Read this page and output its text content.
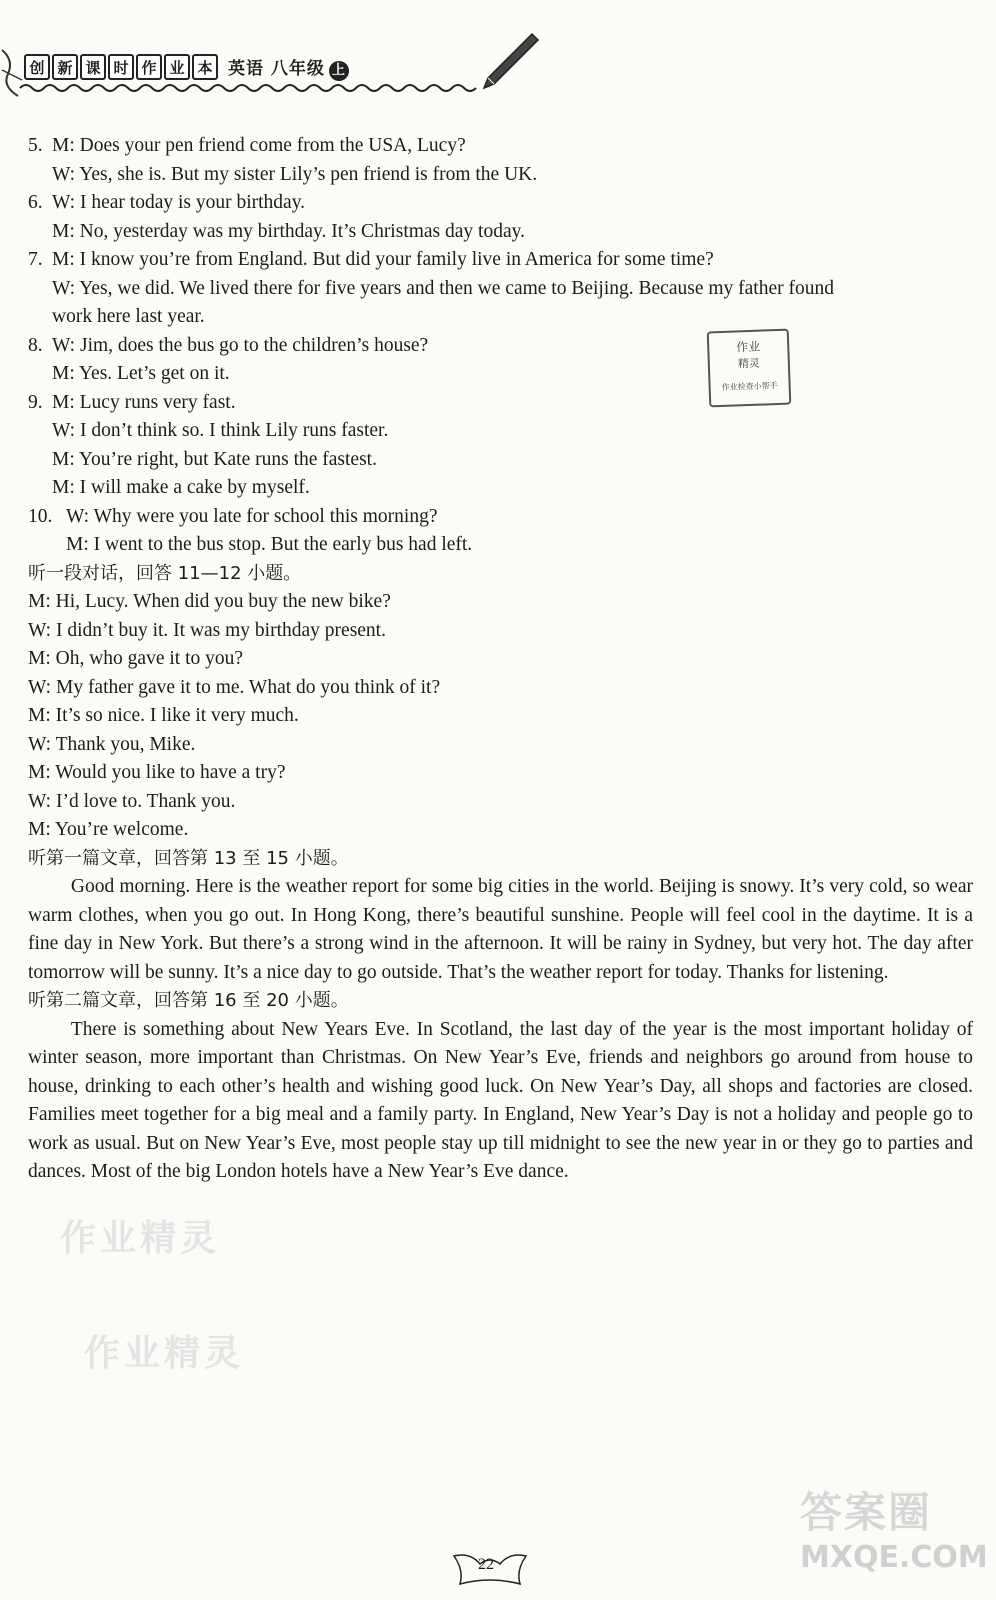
创 新 课 时 作 业 本 英语 八年级 上
5. M: Does your pen friend come from the USA, Lucy?
W: Yes, she is. But my sister Lily’s pen friend is from the UK.
6. W: I hear today is your birthday.
M: No, yesterday was my birthday. It’s Christmas day today.
7. M: I know you’re from England. But did your family live in America for some time?
W: Yes, we did. We lived there for five years and then we came to Beijing. Because my father found
work here last year.
8. W: Jim, does the bus go to the children’s house?
M: Yes. Let’s get on it.
9. M: Lucy runs very fast.
W: I don’t think so. I think Lily runs faster.
M: You’re right, but Kate runs the fastest.
M: I will make a cake by myself.
10. W: Why were you late for school this morning?
M: I went to the bus stop. But the early bus had left.
听一段对话，回答 11—12 小题。
M: Hi, Lucy. When did you buy the new bike?
W: I didn’t buy it. It was my birthday present.
M: Oh, who gave it to you?
W: My father gave it to me. What do you think of it?
M: It’s so nice. I like it very much.
W: Thank you, Mike.
M: Would you like to have a try?
W: I’d love to. Thank you.
M: You’re welcome.
听第一篇文章，回答第 13 至 15 小题。
Good morning. Here is the weather report for some big cities in the world. Beijing is snowy. It’s very cold, so wear warm clothes, when you go out. In Hong Kong, there’s beautiful sunshine. People will feel cool in the daytime. It is a fine day in New York. But there’s a strong wind in the afternoon. It will be rainy in Sydney, but very hot. The day after tomorrow will be sunny. It’s a nice day to go outside. That’s the weather report for today. Thanks for listening.
听第二篇文章，回答第 16 至 20 小题。
There is something about New Years Eve. In Scotland, the last day of the year is the most important holiday of winter season, more important than Christmas. On New Year’s Eve, friends and neighbors go around from house to house, drinking to each other’s health and wishing good luck. On New Year’s Day, all shops and factories are closed. Families meet together for a big meal and a family party. In England, New Year’s Day is not a holiday and people go to work as usual. But on New Year’s Eve, most people stay up till midnight to see the new year in or they go to parties and dances. Most of the big London hotels have a New Year’s Eve dance.
作业
精灵
作业检查小帮手
作业精灵
作业精灵
22
答案圈
MXQE.COM
